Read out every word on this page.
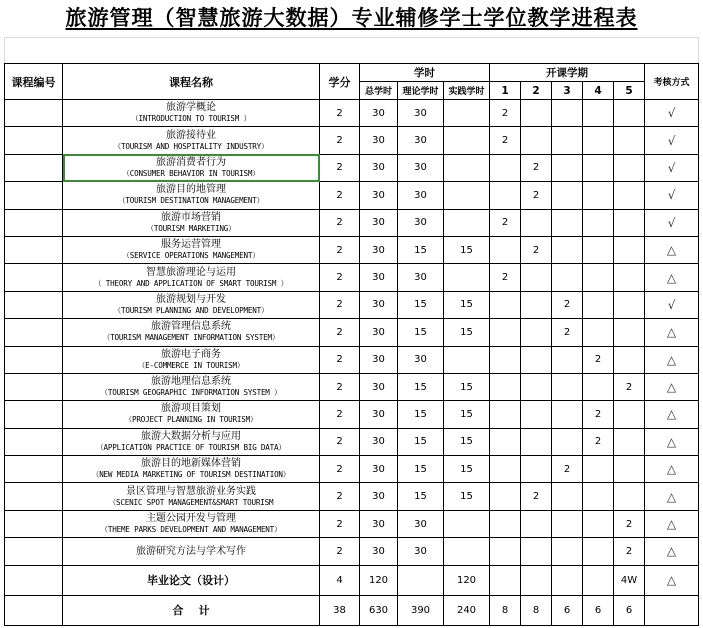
旅游管理（智慧旅游大数据）专业辅修学士学位教学进程表
课程编号	课程名称	学分	学时			开课学期					考核方式
			总学时	理论学时	实践学时	1	2	3	4	5	

	旅游学概论
（INTRODUCTION TO TOURISM ）	2	30	30		2					√

	旅游接待业
（TOURISM AND HOSPITALITY INDUSTRY）	2	30	30		2					√

	旅游消费者行为
（CONSUMER BEHAVIOR IN TOURISM）	2	30	30			2				√

	旅游目的地管理
（TOURISM DESTINATION MANAGEMENT）	2	30	30			2				√

	旅游市场营销
（TOURISM MARKETING）	2	30	30		2					√

	服务运营管理
（SERVICE OPERATIONS MANGEMENT）	2	30	15	15		2				△

	智慧旅游理论与运用
（ THEORY AND APPLICATION OF SMART TOURISM ）	2	30	30		2					△

	旅游规划与开发
（TOURISM PLANNING AND DEVELOPMENT）	2	30	15	15			2			√

	旅游管理信息系统
（TOURISM MANAGEMENT INFORMATION SYSTEM）	2	30	15	15			2			△

	旅游电子商务
（E-COMMERCE IN TOURISM）	2	30	30					2		△

	旅游地理信息系统
（TOURISM GEOGRAPHIC INFORMATION SYSTEM ）	2	30	15	15					2	△

	旅游项目策划
（PROJECT PLANNING IN TOURISM）	2	30	15	15				2		△

	旅游大数据分析与应用
（APPLICATION PRACTICE OF TOURISM BIG DATA）	2	30	15	15				2		△

	旅游目的地新媒体营销
（NEW MEDIA MARKETING OF TOURISM DESTINATION）	2	30	15	15			2			△

	景区管理与智慧旅游业务实践
（SCENIC SPOT MANAGEMENT&SMART TOURISM	2	30	15	15		2				△

	主题公园开发与管理
（THEME PARKS DEVELOPMENT AND MANAGEMENT）	2	30	30						2	△

	旅游研究方法与学术写作	2	30	30						2	△
	毕业论文（设计）	4	120		120					4W	△
	合    计	38	630	390	240	8	8	6	6	6	
